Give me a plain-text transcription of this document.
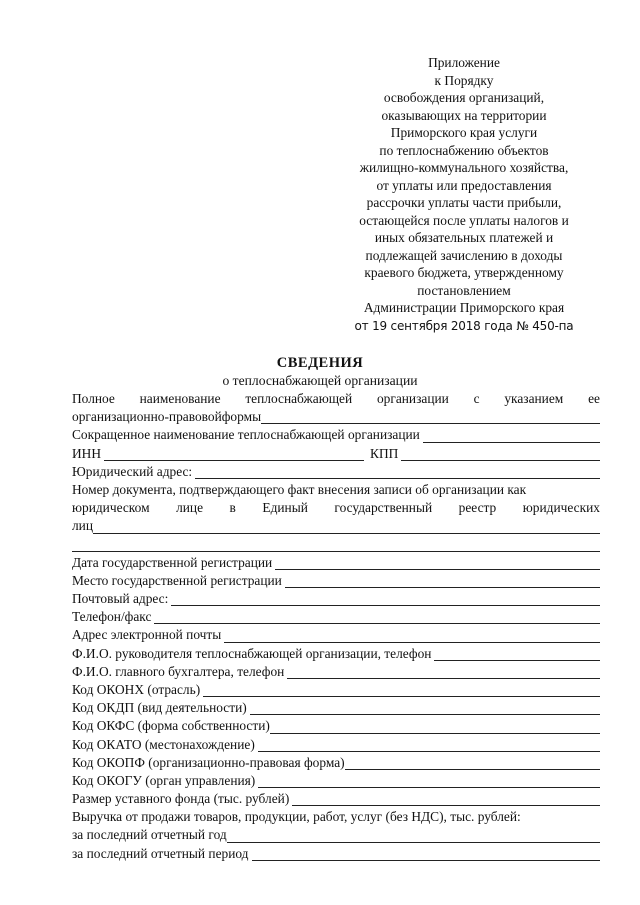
Приложение
к Порядку
освобождения организаций,
оказывающих на территории
Приморского края услуги
по теплоснабжению объектов
жилищно-коммунального хозяйства,
от уплаты или предоставления
рассрочки уплаты части прибыли,
остающейся после уплаты налогов и
иных обязательных платежей и
подлежащей зачислению в доходы
краевого бюджета, утвержденному
постановлением
Администрации Приморского края
от 19 сентября 2018 года № 450-па
СВЕДЕНИЯ
о теплоснабжающей организации
Полное наименование теплоснабжающей организации с указанием ее
организационно-правовойформы
Сокращенное наименование теплоснабжающей организации
ИНН	КПП
Юридический адрес:
Номер документа, подтверждающего факт внесения записи об организации как
юридическом лице в Единый государственный реестр юридических
лиц
Дата государственной регистрации
Место государственной регистрации
Почтовый адрес:
Телефон/факс
Адрес электронной почты
Ф.И.О. руководителя теплоснабжающей организации, телефон
Ф.И.О. главного бухгалтера, телефон
Код ОКОНХ (отрасль)
Код ОКДП (вид деятельности)
Код ОКФС (форма собственности)
Код ОКАТО (местонахождение)
Код ОКОПФ (организационно-правовая форма)
Код ОКОГУ (орган управления)
Размер уставного фонда (тыс. рублей)
Выручка от продажи товаров, продукции, работ, услуг (без НДС), тыс. рублей:
за последний отчетный год
за последний отчетный период
